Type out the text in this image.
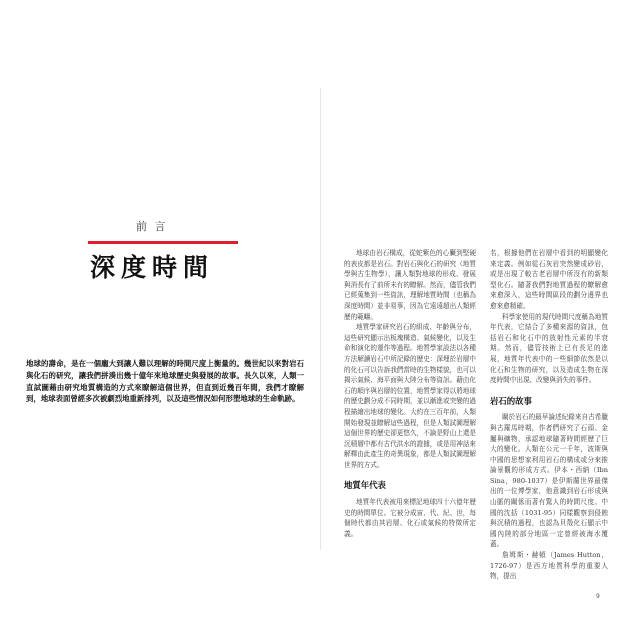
前 言
深度時間
地球的壽命，是在一個龐大到讓人難以理解的時間尺度上衡量的。幾世紀以來對岩石與化石的研究，讓我們拼湊出幾十億年來地球歷史與發展的故事。長久以來，人類一直試圖藉由研究地質構造的方式來瞭解這個世界，但直到近幾百年間，我們才瞭解到，地球表面曾經多次被劇烈地重新排列，以及這些情況如何形塑地球的生命軌跡。

地球由岩石構成，從蛇紫色的心臟到堅硬的表皮都是岩石。對岩石與化石的研究（地質學與古生物學），讓人類對地球的形成、發展與消長有了前所未有的瞭解。然而，儘管我們已經蒐集到一些資訊，理解地質時間（也稱為深度時間）並非易事，因為它遠遠超出人類經歷的範疇。

地質學家研究岩石的組成、年齡與分布，這些研究顯示出板塊構造、氣候變化，以及生命和演化的運作等過程。地質學家設法以各種方法解讀岩石中所記錄的歷史：深埋於岩層中的化石可以告訴我們當時的生物樣貌，也可以揭示氣候、海平面與大陸分布等資訊。藉由化石的順序與岩層的位置，地質學家得以將地球的歷史劃分成不同時期，並以漸進或突變的過程描繪出地球的變化。大約在三百年前，人類開始發現並瞭解這些過程，但是人類試圖理解這個世界的歷史卻更悠久，不論是野山上還是沉積層中都有古代洪水的證據，或是用神話來解釋由此產生的奇異現象，都是人類試圖理解世界的方式。

地質年代表

地質年代表被用來標記地球四十六億年歷史的時間單位。它被分成宙、代、紀、世，每個時代都由其岩層、化石或氣候的特徵所定義。

名，根據他們在岩層中看到的明顯變化來定義。例如從石灰岩突然變成砂岩，或是出現了較古老岩層中所沒有的新類型化石。隨著我們對地質過程的瞭解愈來愈深入，這些時間區段的劃分邊界也愈來愈精確。

科學家使用的現代時間尺度稱為地質年代表，它結合了多種來源的資訊，包括岩石和化石中的放射性元素的半衰期。然而，儘管技術上已有長足的進展，地質年代表中的一些細節依然是以化石和生物的研究，以及造成生物在深度時間中出現、改變與消失的事件。

岩石的故事

關於岩石的最早論述紀錄來自古希臘與古羅馬時期，作者們研究了石頭、金屬與礦物，承認地球隨著時間經歷了巨大的變化。人類在公元一千年，波斯與中國的思想家利用岩石的構成或分來推論景觀的形成方式。伊本・西納（Ibn Sina，980-1037）是伊斯蘭世界最傑出的一位博學家，他意識到岩石形成與山脈的關係而著有驚人的時間尺度。中國的沈括（1031-95）同樣觀察到侵蝕與沉積的過程，也認為貝殼化石顯示中國內陸的部分地區一定曾經被海水覆蓋。

詹姆斯・赫頓（James Hutton，1726-97）是西方地質科學的重要人物，提出

9
